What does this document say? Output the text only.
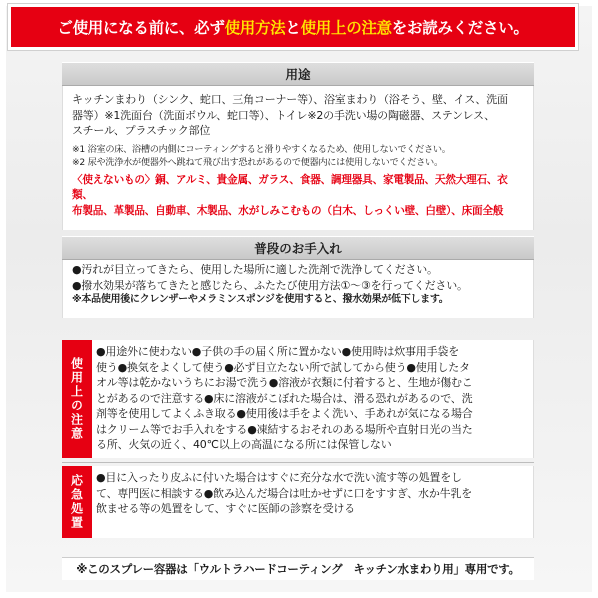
ご使用になる前に、必ず 使用方法 と 使用上の注意 をお読みください。
用途
キッチンまわり（シンク、蛇口、三角コーナー等）、浴室まわり（浴そう、壁、イス、洗面
器等）※1洗面台（洗面ボウル、蛇口等）、トイレ※2の手洗い場の陶磁器、ステンレス、
スチール、プラスチック部位
※1 浴室の床、浴槽の内側にコーティングすると滑りやすくなるため、使用しないでください。
※2 尿や洗浄水が便器外へ跳ねて飛び出す恐れがあるので便器内には使用しないでください。
〈使えないもの〉銅、アルミ、貴金属、ガラス、食器、調理器具、家電製品、天然大理石、衣類、
布製品、革製品、自動車、木製品、水がしみこむもの（白木、しっくい壁、白壁）、床面全般
普段のお手入れ
●汚れが目立ってきたら、使用した場所に適した洗剤で洗浄してください。
●撥水効果が落ちてきたと感じたら、ふたたび使用方法①〜③を行ってください。
※本品使用後にクレンザーやメラミンスポンジを使用すると、撥水効果が低下します。
使用上の注意
●用途外に使わない●子供の手の届く所に置かない●使用時は炊事用手袋を
使う●換気をよくして使う●必ず目立たない所で試してから使う●使用したタ
オル等は乾かないうちにお湯で洗う●溶液が衣類に付着すると、生地が傷むこ
とがあるので注意する●床に溶液がこぼれた場合は、滑る恐れがあるので、洗
剤等を使用してよくふき取る●使用後は手をよく洗い、手あれが気になる場合
はクリーム等でお手入れをする●凍結するおそれのある場所や直射日光の当た
る所、火気の近く、40℃以上の高温になる所には保管しない
応急処置	●目に入ったり皮ふに付いた場合はすぐに充分な水で洗い流す等の処置をし
て、専門医に相談する●飲み込んだ場合は吐かせずに口をすすぎ、水か牛乳を
飲ませる等の処置をして、すぐに医師の診察を受ける
※このスプレー容器は「ウルトラハードコーティング　キッチン水まわり用」専用です。
